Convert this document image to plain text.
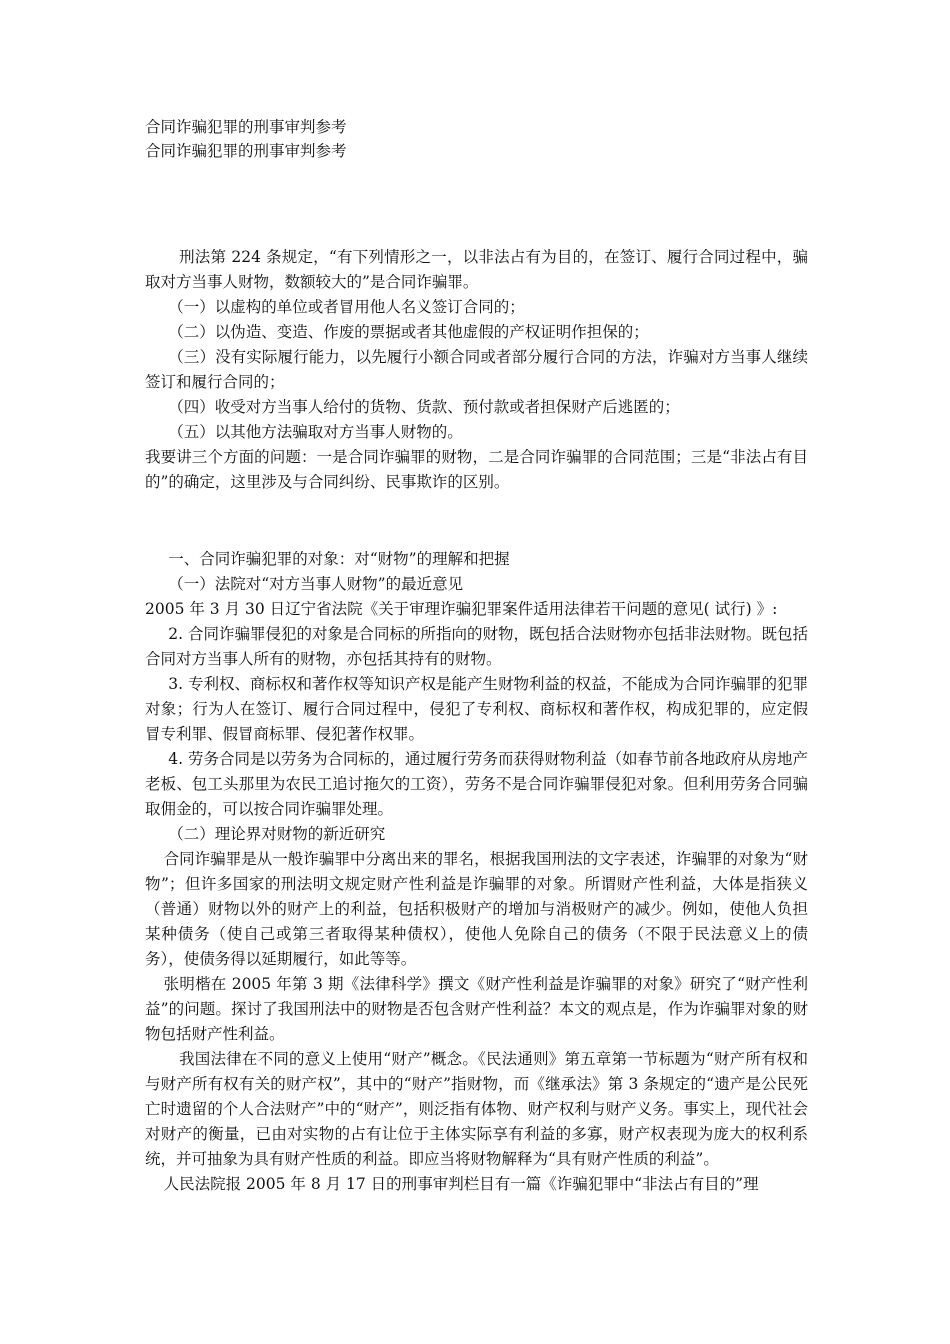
合同诈骗犯罪的刑事审判参考

合同诈骗犯罪的刑事审判参考

刑法第 224 条规定，“有下列情形之一，以非法占有为目的，在签订、履行合同过程中，骗取对方当事人财物，数额较大的”是合同诈骗罪。

（一）以虚构的单位或者冒用他人名义签订合同的；

（二）以伪造、变造、作废的票据或者其他虚假的产权证明作担保的；

（三）没有实际履行能力，以先履行小额合同或者部分履行合同的方法，诈骗对方当事人继续签订和履行合同的；

（四）收受对方当事人给付的货物、货款、预付款或者担保财产后逃匿的；

（五）以其他方法骗取对方当事人财物的。

我要讲三个方面的问题：一是合同诈骗罪的财物，二是合同诈骗罪的合同范围；三是“非法占有目的”的确定，这里涉及与合同纠纷、民事欺诈的区别。

一、合同诈骗犯罪的对象：对“财物”的理解和把握

（一）法院对“对方当事人财物”的最近意见

2005 年 3 月 30 日辽宁省法院《关于审理诈骗犯罪案件适用法律若干问题的意见( 试行) 》:

2. 合同诈骗罪侵犯的对象是合同标的所指向的财物，既包括合法财物亦包括非法财物。既包括合同对方当事人所有的财物，亦包括其持有的财物。

3. 专利权、商标权和著作权等知识产权是能产生财物利益的权益，不能成为合同诈骗罪的犯罪对象；行为人在签订、履行合同过程中，侵犯了专利权、商标权和著作权，构成犯罪的，应定假冒专利罪、假冒商标罪、侵犯著作权罪。

4. 劳务合同是以劳务为合同标的，通过履行劳务而获得财物利益（如春节前各地政府从房地产老板、包工头那里为农民工追讨拖欠的工资），劳务不是合同诈骗罪侵犯对象。但利用劳务合同骗取佣金的，可以按合同诈骗罪处理。

（二）理论界对财物的新近研究

合同诈骗罪是从一般诈骗罪中分离出来的罪名，根据我国刑法的文字表述，诈骗罪的对象为“财物”；但许多国家的刑法明文规定财产性利益是诈骗罪的对象。所谓财产性利益，大体是指狭义（普通）财物以外的财产上的利益，包括积极财产的增加与消极财产的减少。例如，使他人负担某种债务（使自己或第三者取得某种债权），使他人免除自己的债务（不限于民法意义上的债务），使债务得以延期履行，如此等等。

张明楷在 2005 年第 3 期《法律科学》撰文《财产性利益是诈骗罪的对象》研究了“财产性利益”的问题。探讨了我国刑法中的财物是否包含财产性利益？本文的观点是，作为诈骗罪对象的财物包括财产性利益。

我国法律在不同的意义上使用“财产”概念。《民法通则》第五章第一节标题为“财产所有权和与财产所有权有关的财产权”，其中的“财产”指财物，而《继承法》第 3 条规定的“遗产是公民死亡时遗留的个人合法财产”中的“财产”，则泛指有体物、财产权利与财产义务。事实上，现代社会对财产的衡量，已由对实物的占有让位于主体实际享有利益的多寡，财产权表现为庞大的权利系统，并可抽象为具有财产性质的利益。即应当将财物解释为“具有财产性质的利益”。

人民法院报 2005 年 8 月 17 日的刑事审判栏目有一篇《诈骗犯罪中“非法占有目的”理
